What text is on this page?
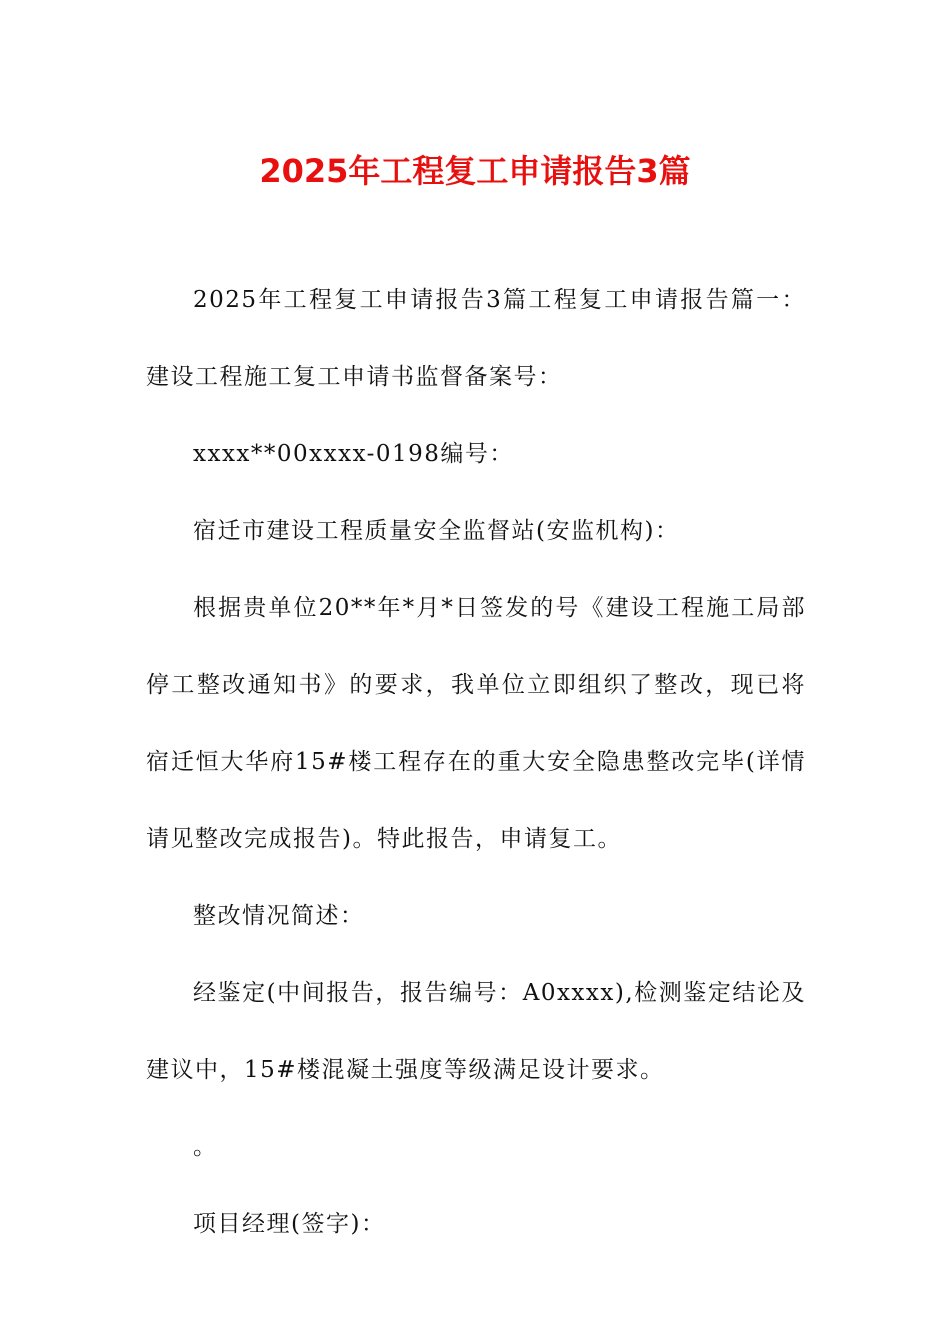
2025年工程复工申请报告3篇

2025年工程复工申请报告3篇工程复工申请报告篇一：建设工程施工复工申请书监督备案号：

xxxx**00xxxx-0198编号：

宿迁市建设工程质量安全监督站(安监机构)：

根据贵单位20**年*月*日签发的号《建设工程施工局部停工整改通知书》的要求，我单位立即组织了整改，现已将宿迁恒大华府15#楼工程存在的重大安全隐患整改完毕(详情请见整改完成报告)。特此报告，申请复工。

整改情况简述：

经鉴定(中间报告，报告编号：A0xxxx),检测鉴定结论及建议中，15#楼混凝土强度等级满足设计要求。

。

项目经理(签字)：
